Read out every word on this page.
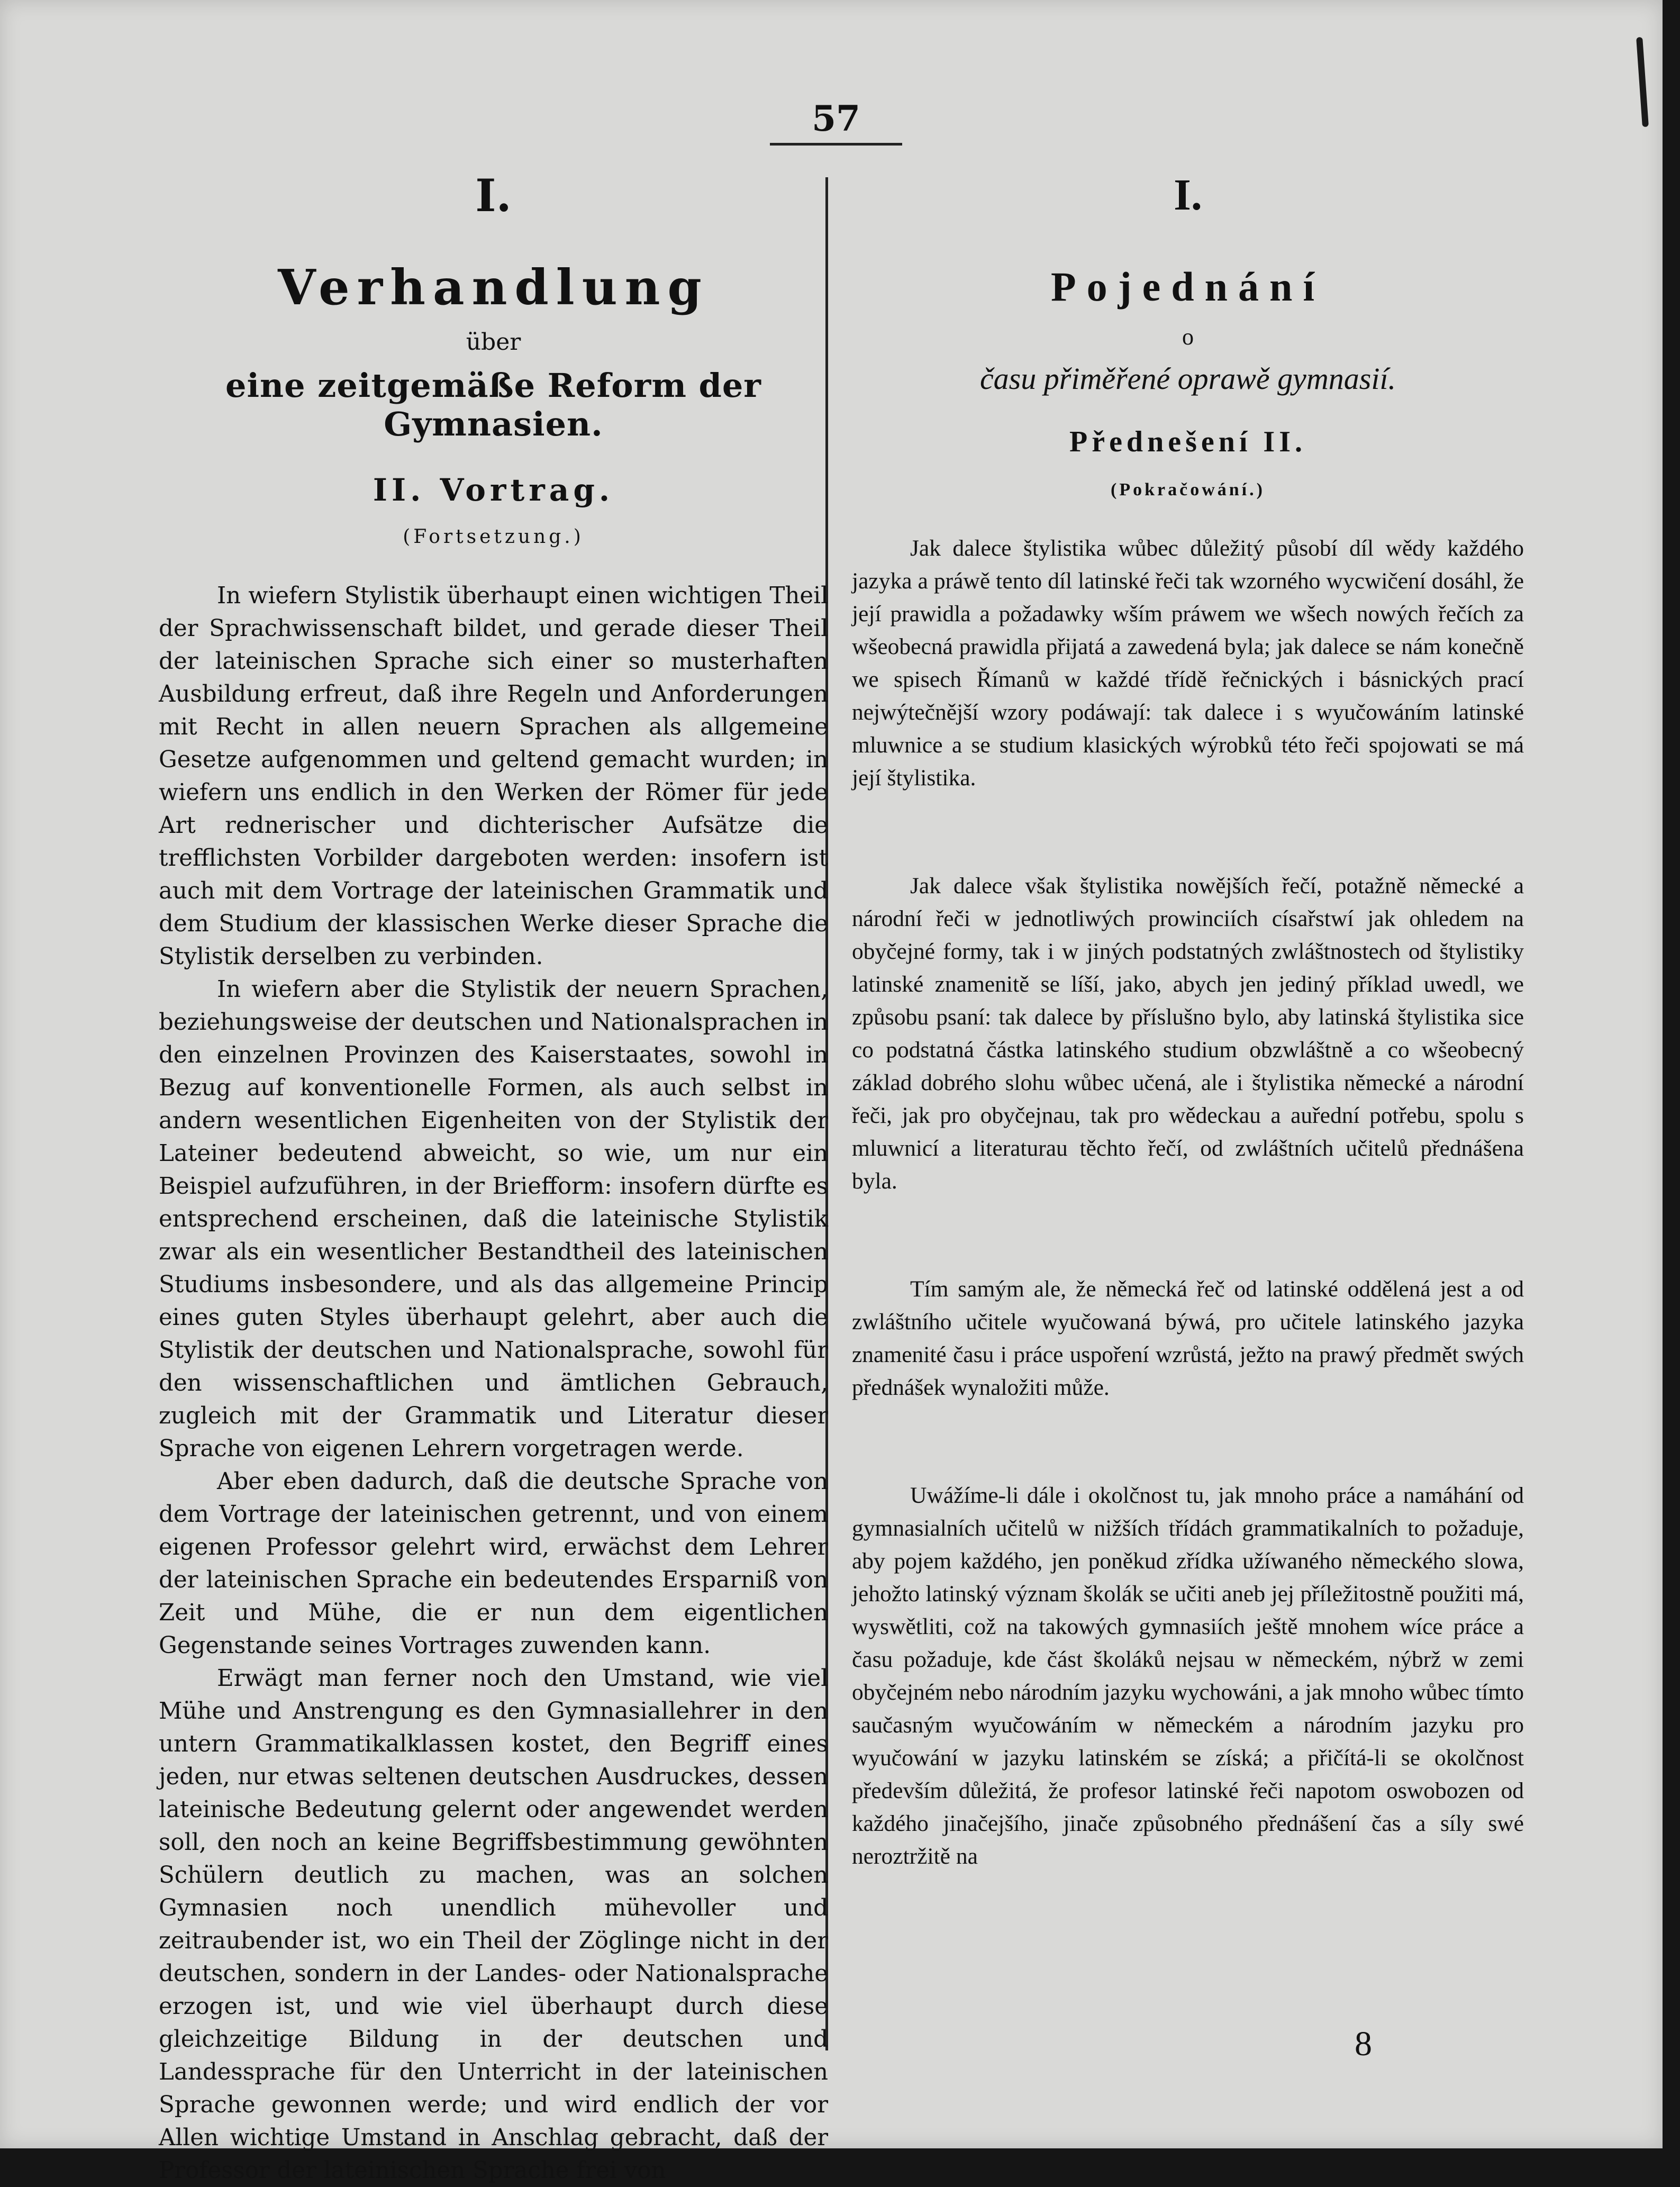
57
I.
Verhandlung
über
eine zeitgemäße Reform der Gymnasien.
II. Vortrag.
(Fortsetzung.)

In wiefern Stylistik überhaupt einen wichtigen Theil der Sprachwissenschaft bildet, und gerade dieser Theil der lateinischen Sprache sich einer so musterhaften Ausbildung erfreut, daß ihre Regeln und Anforderungen mit Recht in allen neuern Sprachen als allgemeine Gesetze aufgenommen und geltend gemacht wurden; in wiefern uns endlich in den Werken der Römer für jede Art rednerischer und dichterischer Aufsätze die trefflichsten Vorbilder dargeboten werden: insofern ist auch mit dem Vortrage der lateinischen Grammatik und dem Studium der klassischen Werke dieser Sprache die Stylistik derselben zu verbinden.

In wiefern aber die Stylistik der neuern Sprachen, beziehungsweise der deutschen und Nationalsprachen in den einzelnen Provinzen des Kaiserstaates, sowohl in Bezug auf konventionelle Formen, als auch selbst in andern wesentlichen Eigenheiten von der Stylistik der Lateiner bedeutend abweicht, so wie, um nur ein Beispiel aufzuführen, in der Briefform: insofern dürfte es entsprechend erscheinen, daß die lateinische Stylistik zwar als ein wesentlicher Bestandtheil des lateinischen Studiums insbesondere, und als das allgemeine Princip eines guten Styles überhaupt gelehrt, aber auch die Stylistik der deutschen und Nationalsprache, sowohl für den wissenschaftlichen und ämtlichen Gebrauch, zugleich mit der Grammatik und Literatur dieser Sprache von eigenen Lehrern vorgetragen werde.

Aber eben dadurch, daß die deutsche Sprache von dem Vortrage der lateinischen getrennt, und von einem eigenen Professor gelehrt wird, erwächst dem Lehrer der lateinischen Sprache ein bedeutendes Ersparniß von Zeit und Mühe, die er nun dem eigentlichen Gegenstande seines Vortrages zuwenden kann.

Erwägt man ferner noch den Umstand, wie viel Mühe und Anstrengung es den Gymnasiallehrer in den untern Grammatikalklassen kostet, den Begriff eines jeden, nur etwas seltenen deutschen Ausdruckes, dessen lateinische Bedeutung gelernt oder angewendet werden soll, den noch an keine Begriffsbestimmung gewöhnten Schülern deutlich zu machen, was an solchen Gymnasien noch unendlich mühevoller und zeitraubender ist, wo ein Theil der Zöglinge nicht in der deutschen, sondern in der Landes- oder Nationalsprache erzogen ist, und wie viel überhaupt durch diese gleichzeitige Bildung in der deutschen und Landessprache für den Unterricht in der lateinischen Sprache gewonnen werde; und wird endlich der vor Allen wichtige Umstand in Anschlag gebracht, daß der Professor der lateinischen Sprache frei von

I.
Pojednání
o
času přiměřené oprawě gymnasií.
Přednešení II.
(Pokračowání.)

Jak dalece štylistika wůbec důležitý působí díl wědy každého jazyka a práwě tento díl latinské řeči tak wzorného wycwičení dosáhl, že její prawidla a požadawky wším práwem we wšech nowých řečích za wšeobecná prawidla přijatá a zawedená byla; jak dalece se nám konečně we spisech Římanů w každé třídě řečnických i básnických prací nejwýtečnější wzory podáwají: tak dalece i s wyučowáním latinské mluwnice a se studium klasických wýrobků této řeči spojowati se má její štylistika.

Jak dalece však štylistika nowějších řečí, potažně německé a národní řeči w jednotliwých prowinciích císařstwí jak ohledem na obyčejné formy, tak i w jiných podstatných zwláštnostech od štylistiky latinské znamenitě se líší, jako, abych jen jediný příklad uwedl, we způsobu psaní: tak dalece by příslušno bylo, aby latinská štylistika sice co podstatná částka latinského studium obzwláštně a co wšeobecný základ dobrého slohu wůbec učená, ale i štylistika německé a národní řeči, jak pro obyčejnau, tak pro wědeckau a auřední potřebu, spolu s mluwnicí a literaturau těchto řečí, od zwláštních učitelů přednášena byla.

Tím samým ale, že německá řeč od latinské oddělená jest a od zwláštního učitele wyučowaná býwá, pro učitele latinského jazyka znamenité času i práce uspoření wzrůstá, ježto na prawý předmět swých přednášek wynaložiti může.

Uwážíme-li dále i okolčnost tu, jak mnoho práce a namáhání od gymnasialních učitelů w nižších třídách grammatikalních to požaduje, aby pojem každého, jen poněkud zřídka užíwaného německého slowa, jehožto latinský význam školák se učiti aneb jej příležitostně použiti má, wyswětliti, což na takowých gymnasiích ještě mnohem wíce práce a času požaduje, kde část školáků nejsau w německém, nýbrž w zemi obyčejném nebo národním jazyku wychowáni, a jak mnoho wůbec tímto saučasným wyučowáním w německém a národním jazyku pro wyučowání w jazyku latinském se získá; a přičítá-li se okolčnost především důležitá, že profesor latinské řeči napotom oswobozen od každého jinačejšího, jinače způsobného přednášení čas a síly swé neroztržitě na

8
